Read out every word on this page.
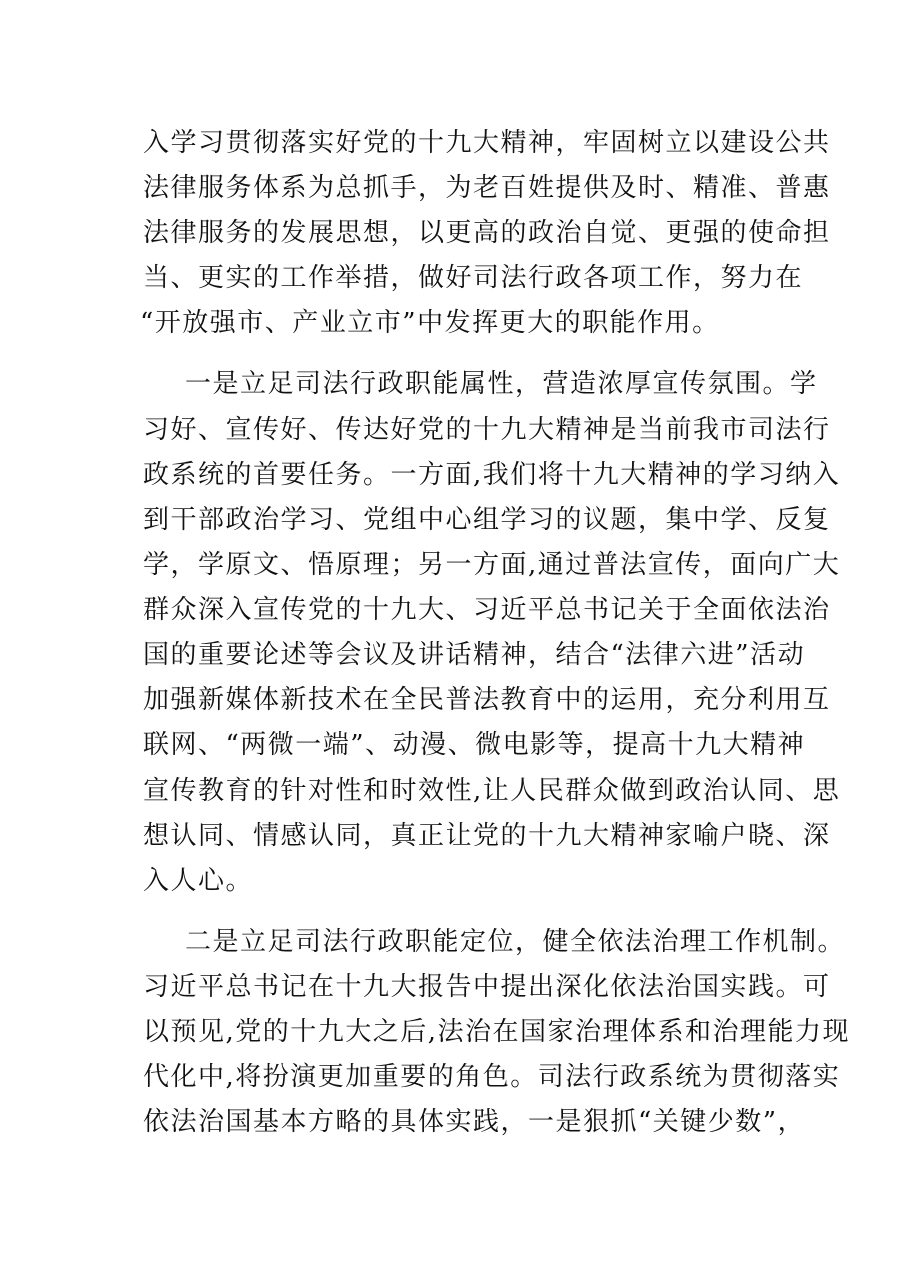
入学习贯彻落实好党的十九大精神，牢固树立以建设公共
法律服务体系为总抓手，为老百姓提供及时、精准、普惠
法律服务的发展思想，以更高的政治自觉、更强的使命担
当、更实的工作举措，做好司法行政各项工作，努力在
“开放强市、产业立市”中发挥更大的职能作用。
一是立足司法行政职能属性，营造浓厚宣传氛围。学
习好、宣传好、传达好党的十九大精神是当前我市司法行
政系统的首要任务。一方面,我们将十九大精神的学习纳入
到干部政治学习、党组中心组学习的议题，集中学、反复
学，学原文、悟原理；另一方面,通过普法宣传，面向广大
群众深入宣传党的十九大、习近平总书记关于全面依法治
国的重要论述等会议及讲话精神，结合“法律六进”活动
加强新媒体新技术在全民普法教育中的运用，充分利用互
联网、“两微一端”、动漫、微电影等，提高十九大精神
宣传教育的针对性和时效性,让人民群众做到政治认同、思
想认同、情感认同，真正让党的十九大精神家喻户晓、深
入人心。
二是立足司法行政职能定位，健全依法治理工作机制。
习近平总书记在十九大报告中提出深化依法治国实践。可
以预见,党的十九大之后,法治在国家治理体系和治理能力现
代化中,将扮演更加重要的角色。司法行政系统为贯彻落实
依法治国基本方略的具体实践，一是狠抓“关键少数”，
